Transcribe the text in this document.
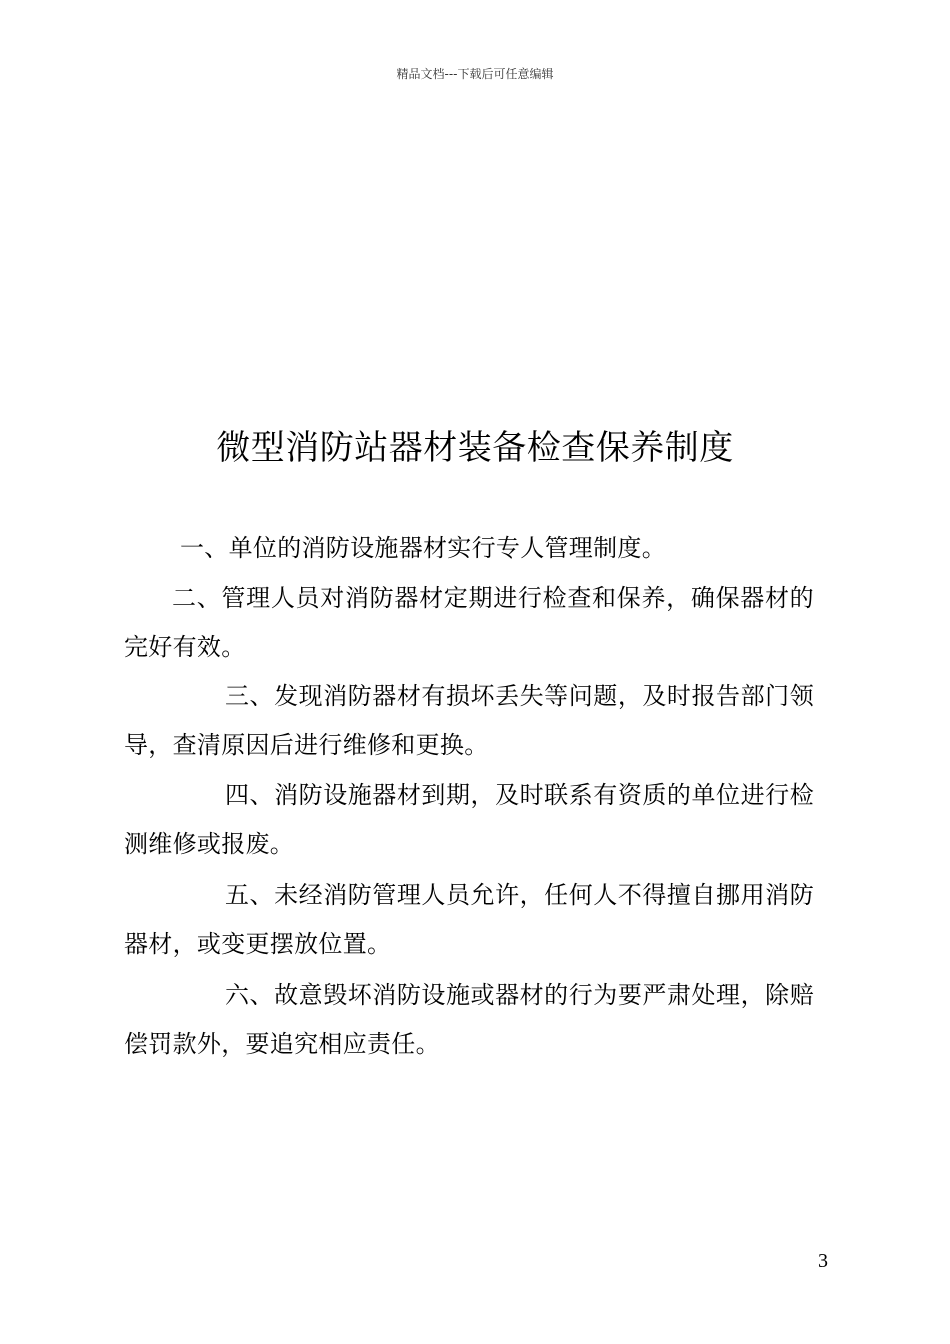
精品文档---下载后可任意编辑
微型消防站器材装备检查保养制度

一、单位的消防设施器材实行专人管理制度。

二、管理人员对消防器材定期进行检查和保养，确保器材的完好有效。

三、发现消防器材有损坏丢失等问题，及时报告部门领导，查清原因后进行维修和更换。

四、消防设施器材到期，及时联系有资质的单位进行检测维修或报废。

五、未经消防管理人员允许，任何人不得擅自挪用消防器材，或变更摆放位置。

六、故意毁坏消防设施或器材的行为要严肃处理，除赔偿罚款外，要追究相应责任。

3
